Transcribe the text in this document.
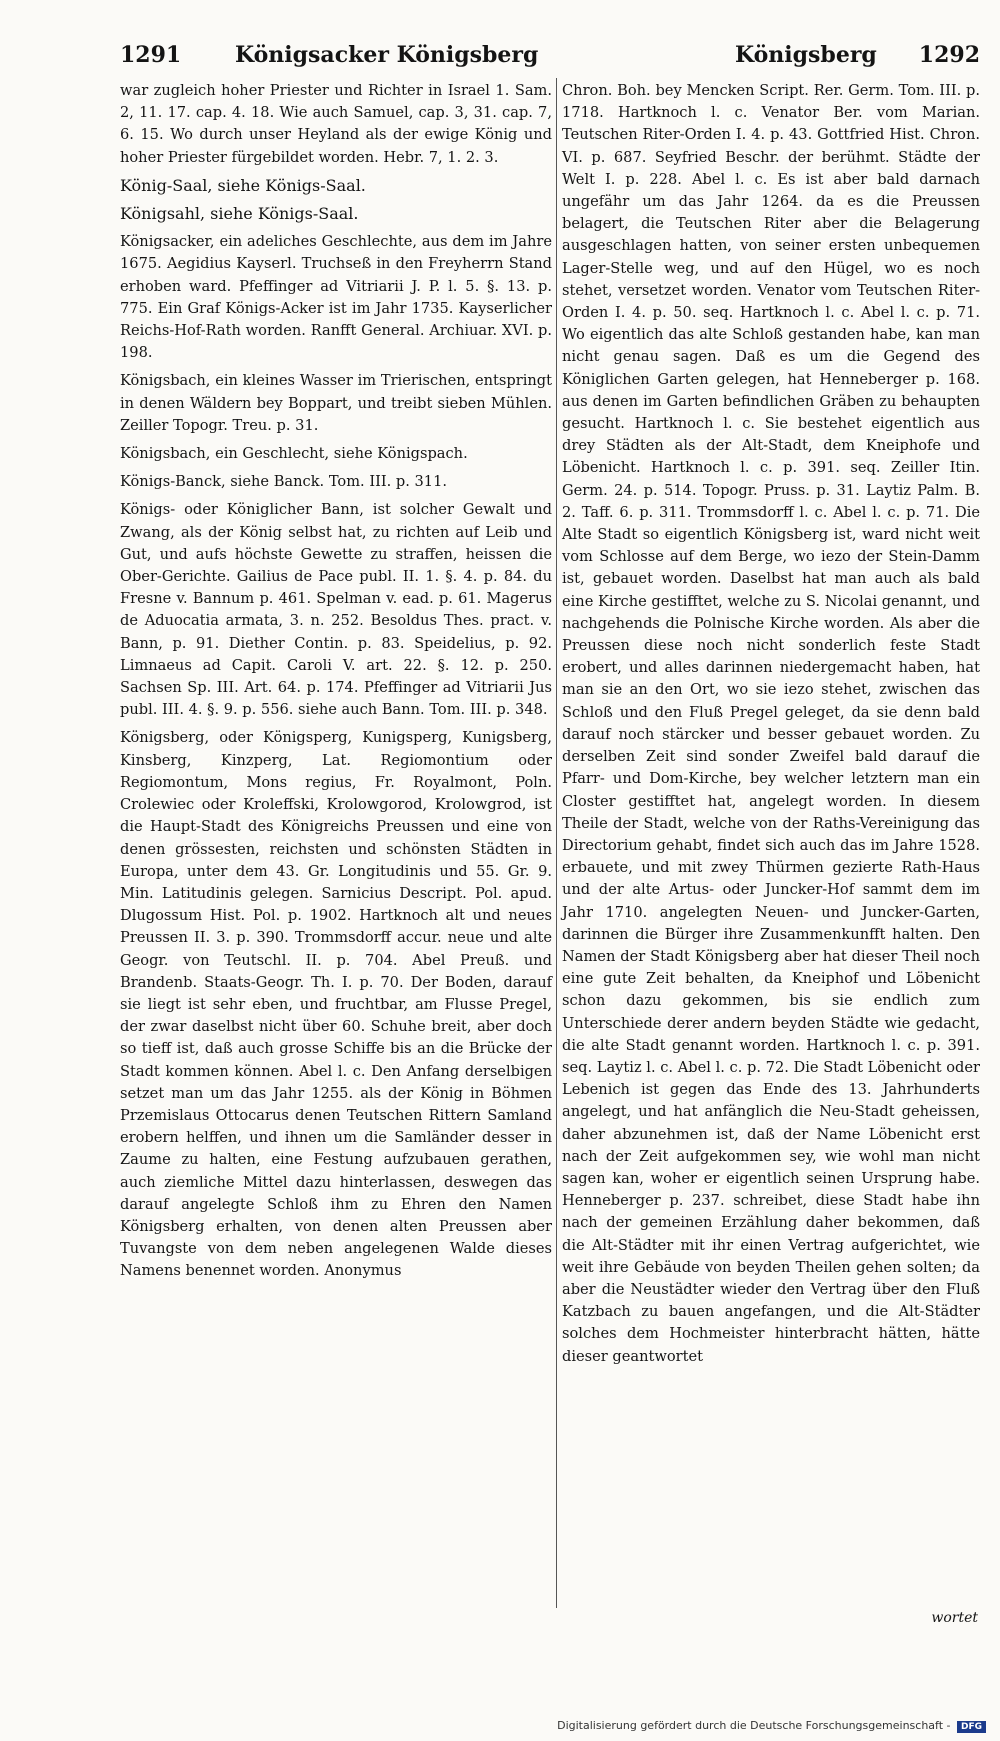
1291 Königsacker Königsberg	Königsberg 1292

war zugleich hoher Priester und Richter in Israel 1. Sam. 2, 11. 17. cap. 4. 18. Wie auch Samuel, cap. 3, 31. cap. 7, 6. 15. Wo durch unser Heyland als der ewige König und hoher Priester fürgebildet worden. Hebr. 7, 1. 2. 3.

König-Saal, siehe Königs-Saal.

Königsahl, siehe Königs-Saal.

Königsacker, ein adeliches Geschlechte, aus dem im Jahre 1675. Aegidius Kayserl. Truchseß in den Freyherrn Stand erhoben ward. Pfeffinger ad Vitriarii J. P. l. 5. §. 13. p. 775. Ein Graf Königs-Acker ist im Jahr 1735. Kayserlicher Reichs-Hof-Rath worden. Ranfft General. Archiuar. XVI. p. 198.

Königsbach, ein kleines Wasser im Trierischen, entspringt in denen Wäldern bey Boppart, und treibt sieben Mühlen. Zeiller Topogr. Treu. p. 31.

Königsbach, ein Geschlecht, siehe Königspach.

Königs-Banck, siehe Banck. Tom. III. p. 311.

Königs- oder Königlicher Bann, ist solcher Gewalt und Zwang, als der König selbst hat, zu richten auf Leib und Gut, und aufs höchste Gewette zu straffen, heissen die Ober-Gerichte. Gailius de Pace publ. II. 1. §. 4. p. 84. du Fresne v. Bannum p. 461. Spelman v. ead. p. 61. Magerus de Aduocatia armata, 3. n. 252. Besoldus Thes. pract. v. Bann, p. 91. Diether Contin. p. 83. Speidelius, p. 92. Limnaeus ad Capit. Caroli V. art. 22. §. 12. p. 250. Sachsen Sp. III. Art. 64. p. 174. Pfeffinger ad Vitriarii Jus publ. III. 4. §. 9. p. 556. siehe auch Bann. Tom. III. p. 348.

Königsberg, oder Königsperg, Kunigsperg, Kunigsberg, Kinsberg, Kinzperg, Lat. Regiomontium oder Regiomontum, Mons regius, Fr. Royalmont, Poln. Crolewiec oder Kroleffski, Krolowgorod, Krolowgrod, ist die Haupt-Stadt des Königreichs Preussen und eine von denen grössesten, reichsten und schönsten Städten in Europa, unter dem 43. Gr. Longitudinis und 55. Gr. 9. Min. Latitudinis gelegen. Sarnicius Descript. Pol. apud. Dlugossum Hist. Pol. p. 1902. Hartknoch alt und neues Preussen II. 3. p. 390. Trommsdorff accur. neue und alte Geogr. von Teutschl. II. p. 704. Abel Preuß. und Brandenb. Staats-Geogr. Th. I. p. 70. Der Boden, darauf sie liegt ist sehr eben, und fruchtbar, am Flusse Pregel, der zwar daselbst nicht über 60. Schuhe breit, aber doch so tieff ist, daß auch grosse Schiffe bis an die Brücke der Stadt kommen können. Abel l. c. Den Anfang derselbigen setzet man um das Jahr 1255. als der König in Böhmen Przemislaus Ottocarus denen Teutschen Rittern Samland erobern helffen, und ihnen um die Samländer desser in Zaume zu halten, eine Festung aufzubauen gerathen, auch ziemliche Mittel dazu hinterlassen, deswegen das darauf angelegte Schloß ihm zu Ehren den Namen Königsberg erhalten, von denen alten Preussen aber Tuvangste von dem neben angelegenen Walde dieses Namens benennet worden. Anonymus

Chron. Boh. bey Mencken Script. Rer. Germ. Tom. III. p. 1718. Hartknoch l. c. Venator Ber. vom Marian. Teutschen Riter-Orden I. 4. p. 43. Gottfried Hist. Chron. VI. p. 687. Seyfried Beschr. der berühmt. Städte der Welt I. p. 228. Abel l. c. Es ist aber bald darnach ungefähr um das Jahr 1264. da es die Preussen belagert, die Teutschen Riter aber die Belagerung ausgeschlagen hatten, von seiner ersten unbequemen Lager-Stelle weg, und auf den Hügel, wo es noch stehet, versetzet worden. Venator vom Teutschen Riter-Orden I. 4. p. 50. seq. Hartknoch l. c. Abel l. c. p. 71. Wo eigentlich das alte Schloß gestanden habe, kan man nicht genau sagen. Daß es um die Gegend des Königlichen Garten gelegen, hat Henneberger p. 168. aus denen im Garten befindlichen Gräben zu behaupten gesucht. Hartknoch l. c. Sie bestehet eigentlich aus drey Städten als der Alt-Stadt, dem Kneiphofe und Löbenicht. Hartknoch l. c. p. 391. seq. Zeiller Itin. Germ. 24. p. 514. Topogr. Pruss. p. 31. Laytiz Palm. B. 2. Taff. 6. p. 311. Trommsdorff l. c. Abel l. c. p. 71. Die Alte Stadt so eigentlich Königsberg ist, ward nicht weit vom Schlosse auf dem Berge, wo iezo der Stein-Damm ist, gebauet worden. Daselbst hat man auch als bald eine Kirche gestifftet, welche zu S. Nicolai genannt, und nachgehends die Polnische Kirche worden. Als aber die Preussen diese noch nicht sonderlich feste Stadt erobert, und alles darinnen niedergemacht haben, hat man sie an den Ort, wo sie iezo stehet, zwischen das Schloß und den Fluß Pregel geleget, da sie denn bald darauf noch stärcker und besser gebauet worden. Zu derselben Zeit sind sonder Zweifel bald darauf die Pfarr- und Dom-Kirche, bey welcher letztern man ein Closter gestifftet hat, angelegt worden. In diesem Theile der Stadt, welche von der Raths-Vereinigung das Directorium gehabt, findet sich auch das im Jahre 1528. erbauete, und mit zwey Thürmen gezierte Rath-Haus und der alte Artus- oder Juncker-Hof sammt dem im Jahr 1710. angelegten Neuen- und Juncker-Garten, darinnen die Bürger ihre Zusammenkunfft halten. Den Namen der Stadt Königsberg aber hat dieser Theil noch eine gute Zeit behalten, da Kneiphof und Löbenicht schon dazu gekommen, bis sie endlich zum Unterschiede derer andern beyden Städte wie gedacht, die alte Stadt genannt worden. Hartknoch l. c. p. 391. seq. Laytiz l. c. Abel l. c. p. 72. Die Stadt Löbenicht oder Lebenich ist gegen das Ende des 13. Jahrhunderts angelegt, und hat anfänglich die Neu-Stadt geheissen, daher abzunehmen ist, daß der Name Löbenicht erst nach der Zeit aufgekommen sey, wie wohl man nicht sagen kan, woher er eigentlich seinen Ursprung habe. Henneberger p. 237. schreibet, diese Stadt habe ihn nach der gemeinen Erzählung daher bekommen, daß die Alt-Städter mit ihr einen Vertrag aufgerichtet, wie weit ihre Gebäude von beyden Theilen gehen solten; da aber die Neustädter wieder den Vertrag über den Fluß Katzbach zu bauen angefangen, und die Alt-Städter solches dem Hochmeister hinterbracht hätten, hätte dieser geantwortet

wortet
Digitalisierung gefördert durch die Deutsche Forschungsgemeinschaft - DFG
